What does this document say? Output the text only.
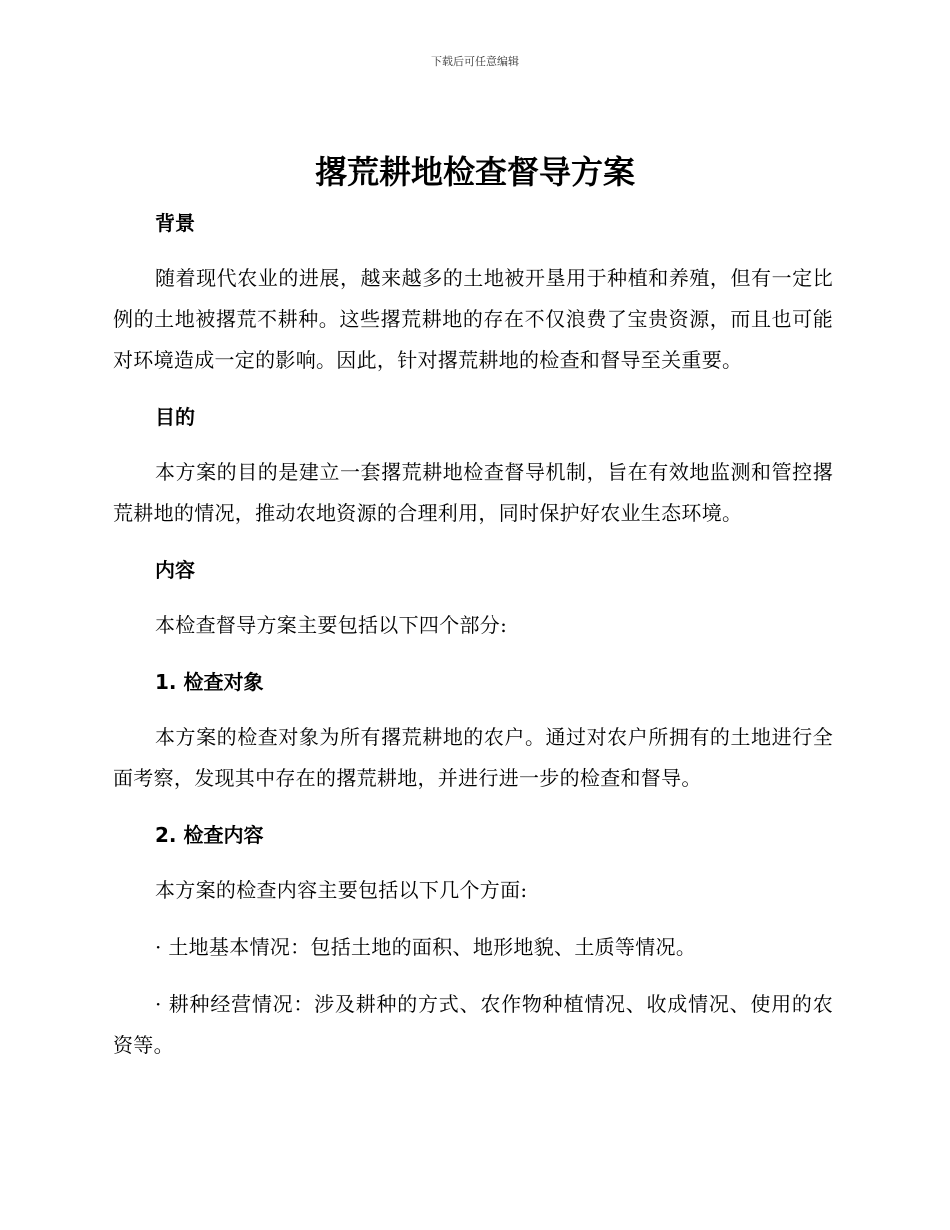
下载后可任意编辑
撂荒耕地检查督导方案
背景

随着现代农业的进展，越来越多的土地被开垦用于种植和养殖，但有一定比例的土地被撂荒不耕种。这些撂荒耕地的存在不仅浪费了宝贵资源，而且也可能对环境造成一定的影响。因此，针对撂荒耕地的检查和督导至关重要。

目的

本方案的目的是建立一套撂荒耕地检查督导机制，旨在有效地监测和管控撂荒耕地的情况，推动农地资源的合理利用，同时保护好农业生态环境。

内容

本检查督导方案主要包括以下四个部分:

1. 检查对象

本方案的检查对象为所有撂荒耕地的农户。通过对农户所拥有的土地进行全面考察，发现其中存在的撂荒耕地，并进行进一步的检查和督导。

2. 检查内容

本方案的检查内容主要包括以下几个方面:

· 土地基本情况：包括土地的面积、地形地貌、土质等情况。

· 耕种经营情况：涉及耕种的方式、农作物种植情况、收成情况、使用的农资等。
